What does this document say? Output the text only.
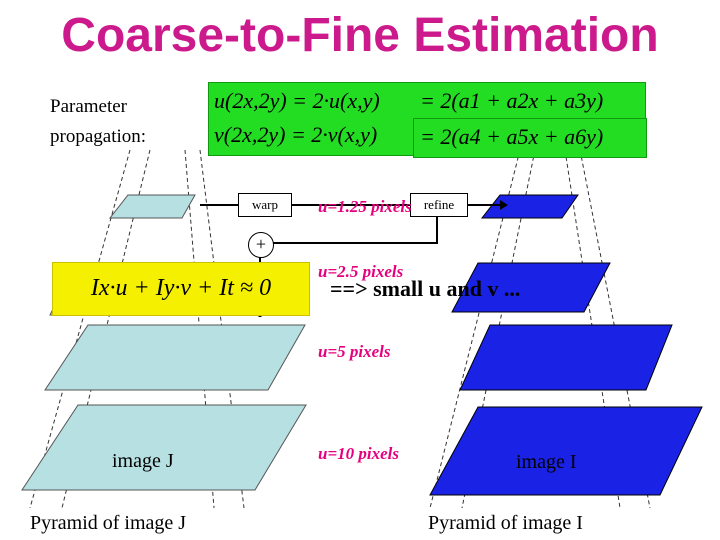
Coarse-to-Fine Estimation
Parameter
propagation:
u(2x,2y) = 2·u(x,y) = 2(a1 + a2x + a3y)
v(2x,2y) = 2·v(x,y) = 2(a4 + a5x + a6y)
warp	refine
+
Ix·u + Iy·v + It ≈ 0	==> small u and v ...
u=1.25 pixels
u=2.5 pixels
u=5 pixels
u=10 pixels
image J	image I
Pyramid of image J	Pyramid of image I
